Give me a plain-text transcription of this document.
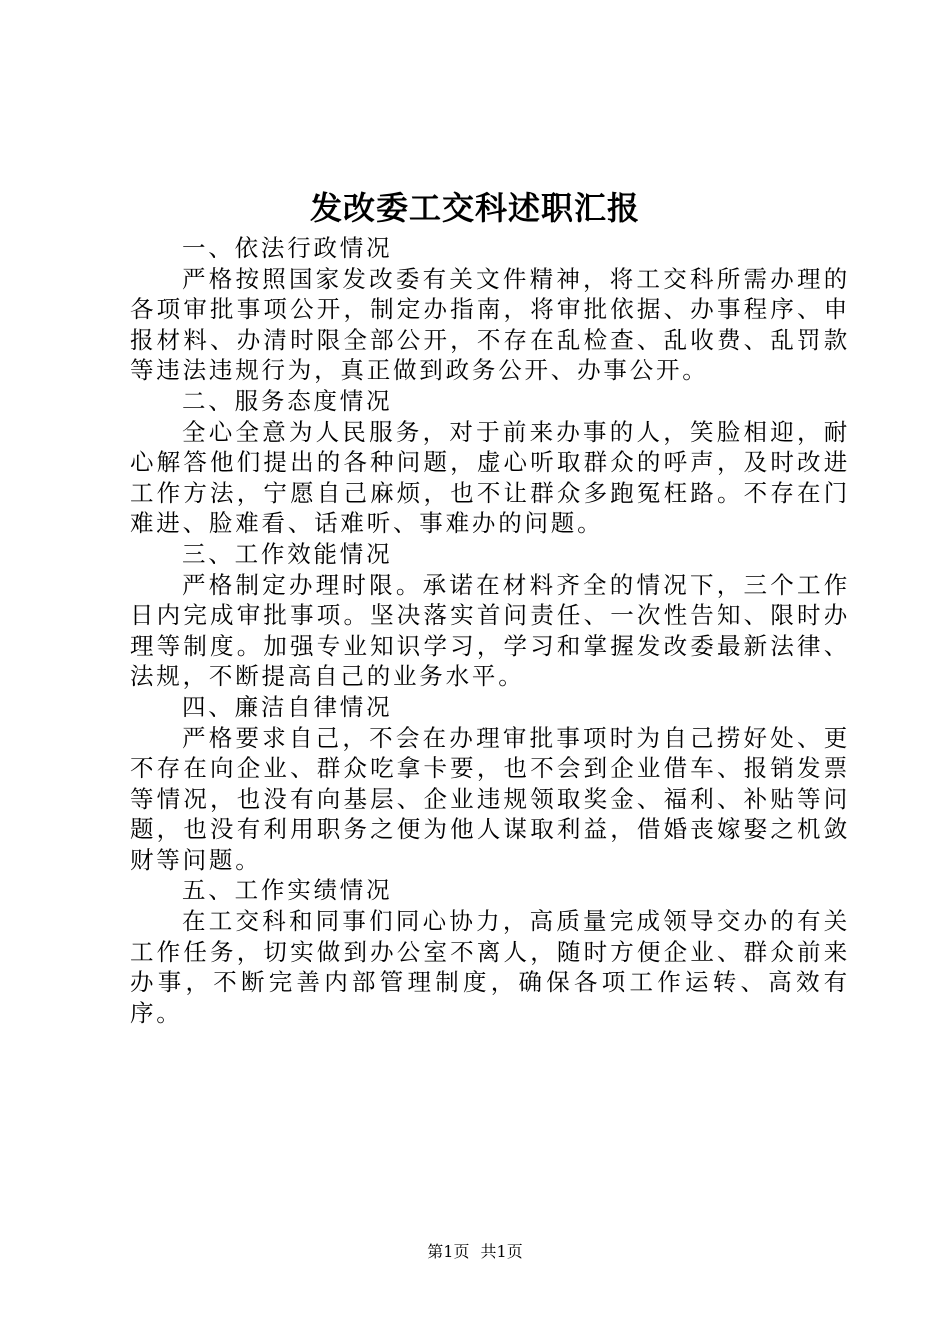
发改委工交科述职汇报

一、依法行政情况

严格按照国家发改委有关文件精神，将工交科所需办理的各项审批事项公开，制定办指南，将审批依据、办事程序、申报材料、办清时限全部公开，不存在乱检查、乱收费、乱罚款等违法违规行为，真正做到政务公开、办事公开。

二、服务态度情况

全心全意为人民服务，对于前来办事的人，笑脸相迎，耐心解答他们提出的各种问题，虚心听取群众的呼声，及时改进工作方法，宁愿自己麻烦，也不让群众多跑冤枉路。不存在门难进、脸难看、话难听、事难办的问题。

三、工作效能情况

严格制定办理时限。承诺在材料齐全的情况下，三个工作日内完成审批事项。坚决落实首问责任、一次性告知、限时办理等制度。加强专业知识学习，学习和掌握发改委最新法律、法规，不断提高自己的业务水平。

四、廉洁自律情况

严格要求自己，不会在办理审批事项时为自己捞好处、更不存在向企业、群众吃拿卡要，也不会到企业借车、报销发票等情况，也没有向基层、企业违规领取奖金、福利、补贴等问题，也没有利用职务之便为他人谋取利益，借婚丧嫁娶之机敛财等问题。

五、工作实绩情况

在工交科和同事们同心协力，高质量完成领导交办的有关工作任务，切实做到办公室不离人，随时方便企业、群众前来办事，不断完善内部管理制度，确保各项工作运转、高效有序。

第1页 共1页
